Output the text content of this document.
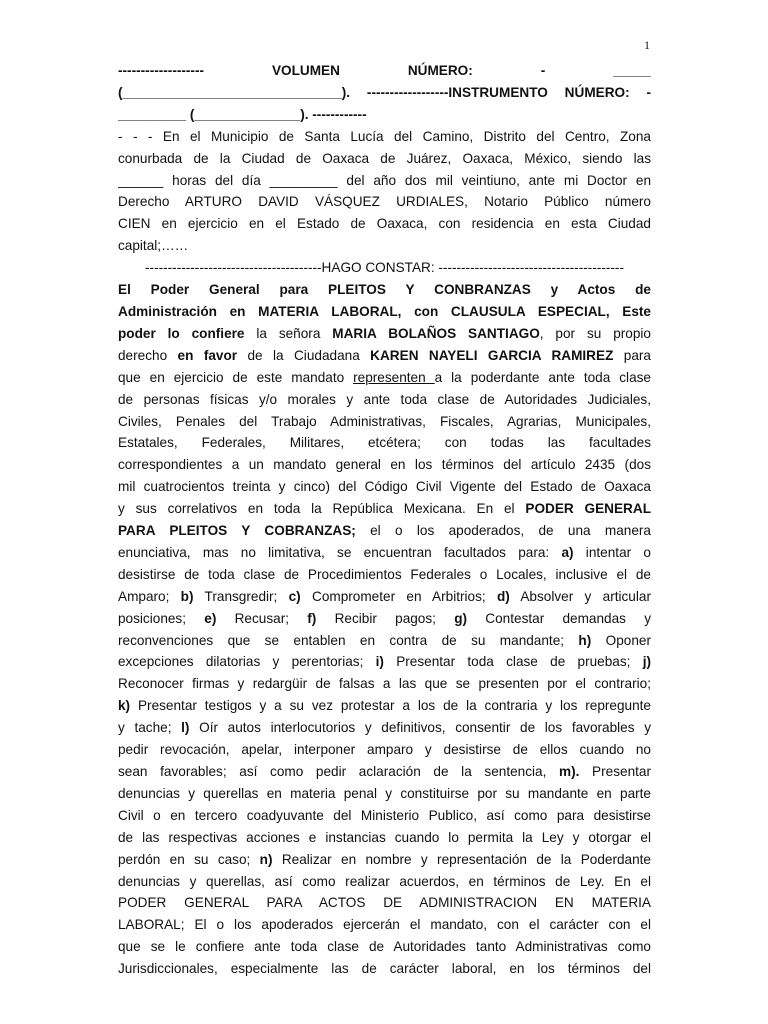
1
-------------------	VOLUMEN	NÚMERO:	-	_____
(_____________________________). ------------------INSTRUMENTO NÚMERO: -
_________ (______________). ------------
- - - En el Municipio de Santa Lucía del Camino, Distrito del Centro, Zona
conurbada de la Ciudad de Oaxaca de Juárez, Oaxaca, México, siendo las
______ horas del día _________ del año dos mil veintiuno, ante mi Doctor en
Derecho ARTURO DAVID VÁSQUEZ URDIALES, Notario Público número
CIEN en ejercicio en el Estado de Oaxaca, con residencia en esta Ciudad
capital;……
---------------------------------------HAGO CONSTAR: -----------------------------------------
El Poder General para PLEITOS Y CONBRANZAS y Actos de
Administración en MATERIA LABORAL, con CLAUSULA ESPECIAL, Este
poder lo confiere la señora MARIA BOLAÑOS SANTIAGO, por su propio
derecho en favor de la Ciudadana KAREN NAYELI GARCIA RAMIREZ para
que en ejercicio de este mandato representen a la poderdante ante toda clase
de personas físicas y/o morales y ante toda clase de Autoridades Judiciales,
Civiles, Penales del Trabajo Administrativas, Fiscales, Agrarias, Municipales,
Estatales, Federales, Militares, etcétera; con todas las facultades
correspondientes a un mandato general en los términos del artículo 2435 (dos
mil cuatrocientos treinta y cinco) del Código Civil Vigente del Estado de Oaxaca
y sus correlativos en toda la República Mexicana. En el PODER GENERAL
PARA PLEITOS Y COBRANZAS; el o los apoderados, de una manera
enunciativa, mas no limitativa, se encuentran facultados para: a) intentar o
desistirse de toda clase de Procedimientos Federales o Locales, inclusive el de
Amparo; b) Transgredir; c) Comprometer en Arbitrios; d) Absolver y articular
posiciones; e) Recusar; f) Recibir pagos; g) Contestar demandas y
reconvenciones que se entablen en contra de su mandante; h) Oponer
excepciones dilatorias y perentorias; i) Presentar toda clase de pruebas; j)
Reconocer firmas y redargüir de falsas a las que se presenten por el contrario;
k) Presentar testigos y a su vez protestar a los de la contraria y los repregunte
y tache; l) Oír autos interlocutorios y definitivos, consentir de los favorables y
pedir revocación, apelar, interponer amparo y desistirse de ellos cuando no
sean favorables; así como pedir aclaración de la sentencia, m). Presentar
denuncias y querellas en materia penal y constituirse por su mandante en parte
Civil o en tercero coadyuvante del Ministerio Publico, así como para desistirse
de las respectivas acciones e instancias cuando lo permita la Ley y otorgar el
perdón en su caso; n) Realizar en nombre y representación de la Poderdante
denuncias y querellas, así como realizar acuerdos, en términos de Ley. En el
PODER GENERAL PARA ACTOS DE ADMINISTRACION EN MATERIA
LABORAL; El o los apoderados ejercerán el mandato, con el carácter con el
que se le confiere ante toda clase de Autoridades tanto Administrativas como
Jurisdiccionales, especialmente las de carácter laboral, en los términos del
